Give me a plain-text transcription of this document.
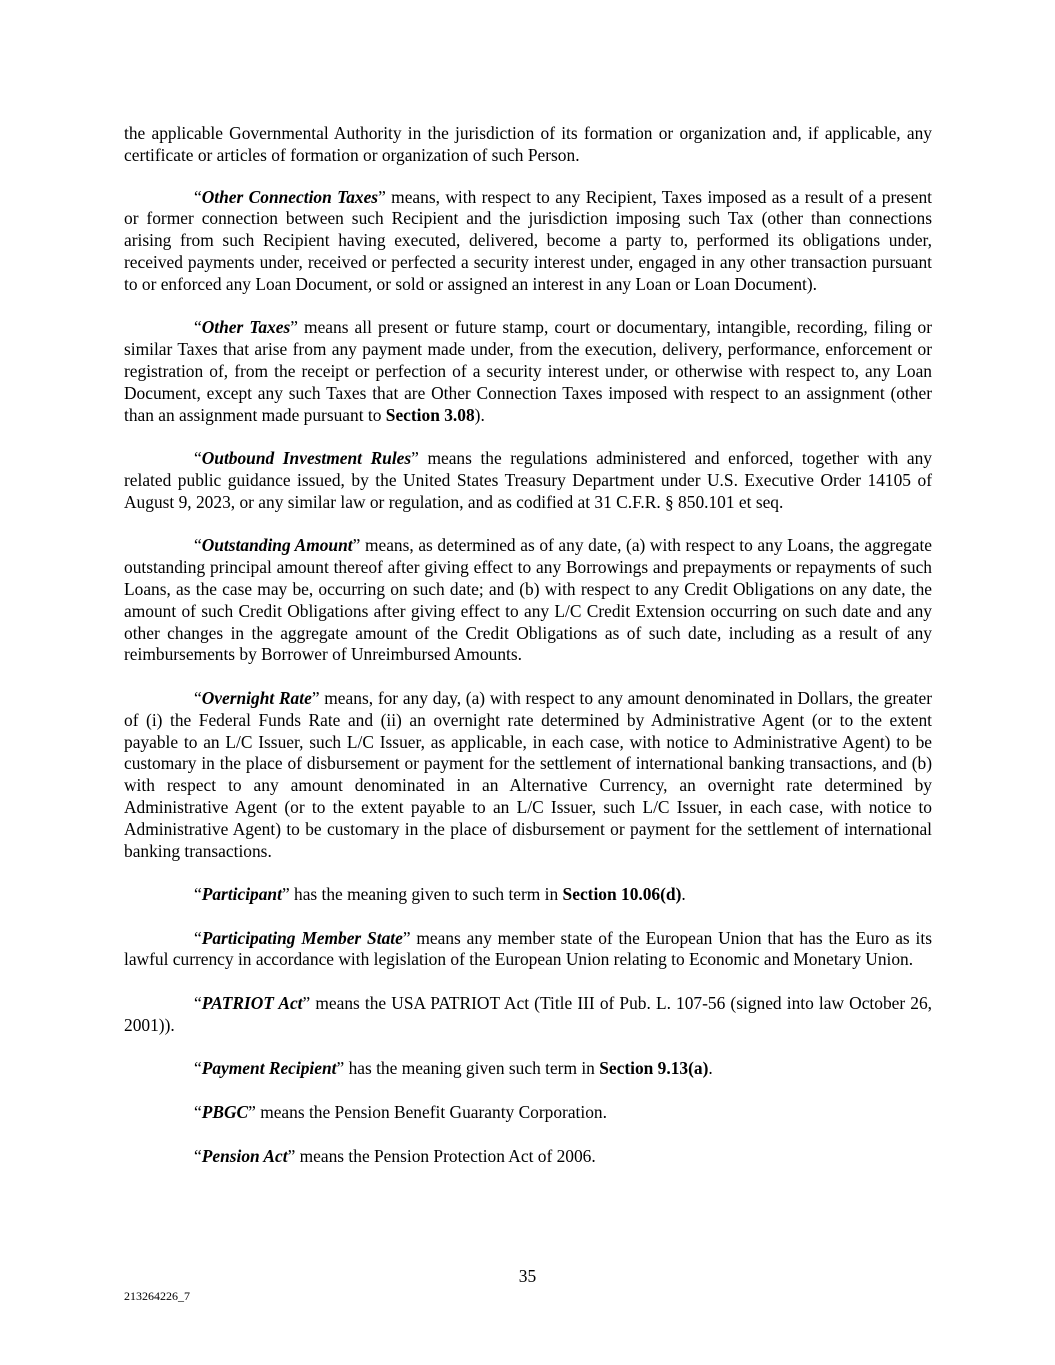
the applicable Governmental Authority in the jurisdiction of its formation or organization and, if applicable, any certificate or articles of formation or organization of such Person.

“Other Connection Taxes” means, with respect to any Recipient, Taxes imposed as a result of a present or former connection between such Recipient and the jurisdiction imposing such Tax (other than connections arising from such Recipient having executed, delivered, become a party to, performed its obligations under, received payments under, received or perfected a security interest under, engaged in any other transaction pursuant to or enforced any Loan Document, or sold or assigned an interest in any Loan or Loan Document).

“Other Taxes” means all present or future stamp, court or documentary, intangible, recording, filing or similar Taxes that arise from any payment made under, from the execution, delivery, performance, enforcement or registration of, from the receipt or perfection of a security interest under, or otherwise with respect to, any Loan Document, except any such Taxes that are Other Connection Taxes imposed with respect to an assignment (other than an assignment made pursuant to Section 3.08).

“Outbound Investment Rules” means the regulations administered and enforced, together with any related public guidance issued, by the United States Treasury Department under U.S. Executive Order 14105 of August 9, 2023, or any similar law or regulation, and as codified at 31 C.F.R. § 850.101 et seq.

“Outstanding Amount” means, as determined as of any date, (a) with respect to any Loans, the aggregate outstanding principal amount thereof after giving effect to any Borrowings and prepayments or repayments of such Loans, as the case may be, occurring on such date; and (b) with respect to any Credit Obligations on any date, the amount of such Credit Obligations after giving effect to any L/C Credit Extension occurring on such date and any other changes in the aggregate amount of the Credit Obligations as of such date, including as a result of any reimbursements by Borrower of Unreimbursed Amounts.

“Overnight Rate” means, for any day, (a) with respect to any amount denominated in Dollars, the greater of (i) the Federal Funds Rate and (ii) an overnight rate determined by Administrative Agent (or to the extent payable to an L/C Issuer, such L/C Issuer, as applicable, in each case, with notice to Administrative Agent) to be customary in the place of disbursement or payment for the settlement of international banking transactions, and (b) with respect to any amount denominated in an Alternative Currency, an overnight rate determined by Administrative Agent (or to the extent payable to an L/C Issuer, such L/C Issuer, in each case, with notice to Administrative Agent) to be customary in the place of disbursement or payment for the settlement of international banking transactions.

“Participant” has the meaning given to such term in Section 10.06(d).

“Participating Member State” means any member state of the European Union that has the Euro as its lawful currency in accordance with legislation of the European Union relating to Economic and Monetary Union.

“PATRIOT Act” means the USA PATRIOT Act (Title III of Pub. L. 107-56 (signed into law October 26, 2001)).

“Payment Recipient” has the meaning given such term in Section 9.13(a).

“PBGC” means the Pension Benefit Guaranty Corporation.

“Pension Act” means the Pension Protection Act of 2006.

35
213264226_7
